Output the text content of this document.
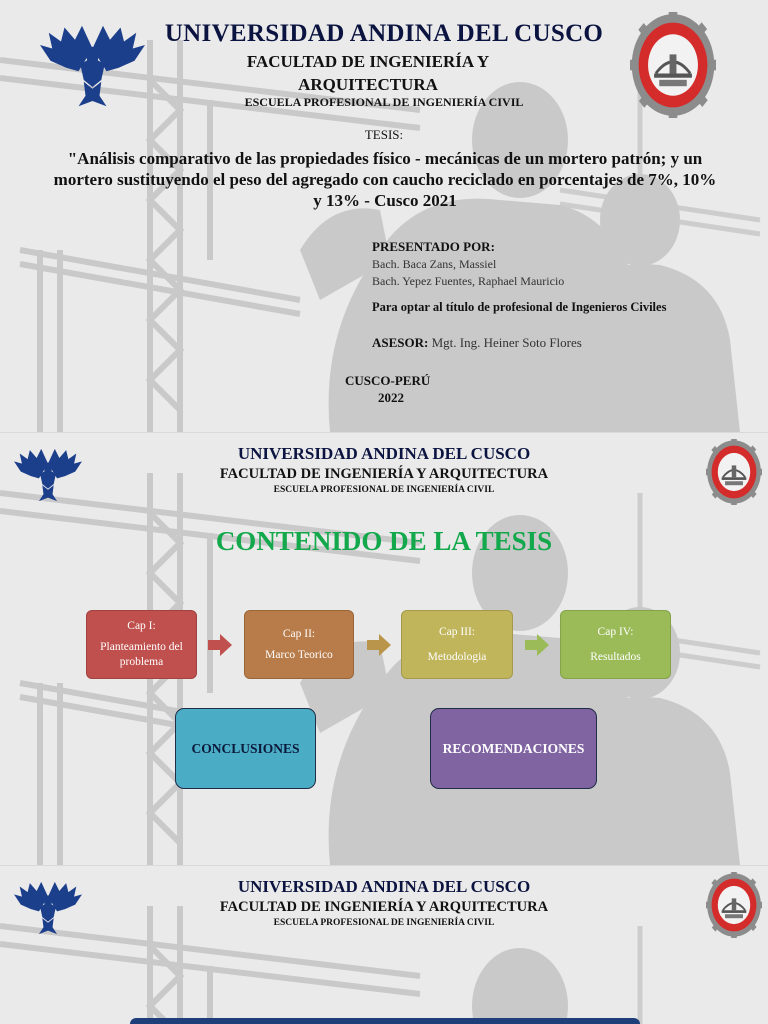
UNIVERSIDAD ANDINA DEL CUSCO
FACULTAD DE INGENIERÍA Y ARQUITECTURA
ESCUELA PROFESIONAL DE INGENIERÍA CIVIL
TESIS:
"Análisis comparativo de las propiedades físico - mecánicas de un mortero patrón; y un mortero sustituyendo el peso del agregado con caucho reciclado en porcentajes de 7%, 10% y 13% - Cusco 2021
PRESENTADO POR:
Bach. Baca Zans, Massiel
Bach. Yepez Fuentes, Raphael Mauricio
Para optar al título de profesional de Ingenieros Civiles
ASESOR: Mgt. Ing. Heiner Soto Flores
CUSCO-PERÚ
2022
UNIVERSIDAD ANDINA DEL CUSCO
FACULTAD DE INGENIERÍA Y ARQUITECTURA
ESCUELA PROFESIONAL DE INGENIERÍA CIVIL
CONTENIDO DE LA TESIS
Cap I:
Planteamiento del problema
Cap II:
Marco Teorico
Cap III:
Metodologia
Cap IV:
Resultados
CONCLUSIONES	RECOMENDACIONES
UNIVERSIDAD ANDINA DEL CUSCO
FACULTAD DE INGENIERÍA Y ARQUITECTURA
ESCUELA PROFESIONAL DE INGENIERÍA CIVIL
